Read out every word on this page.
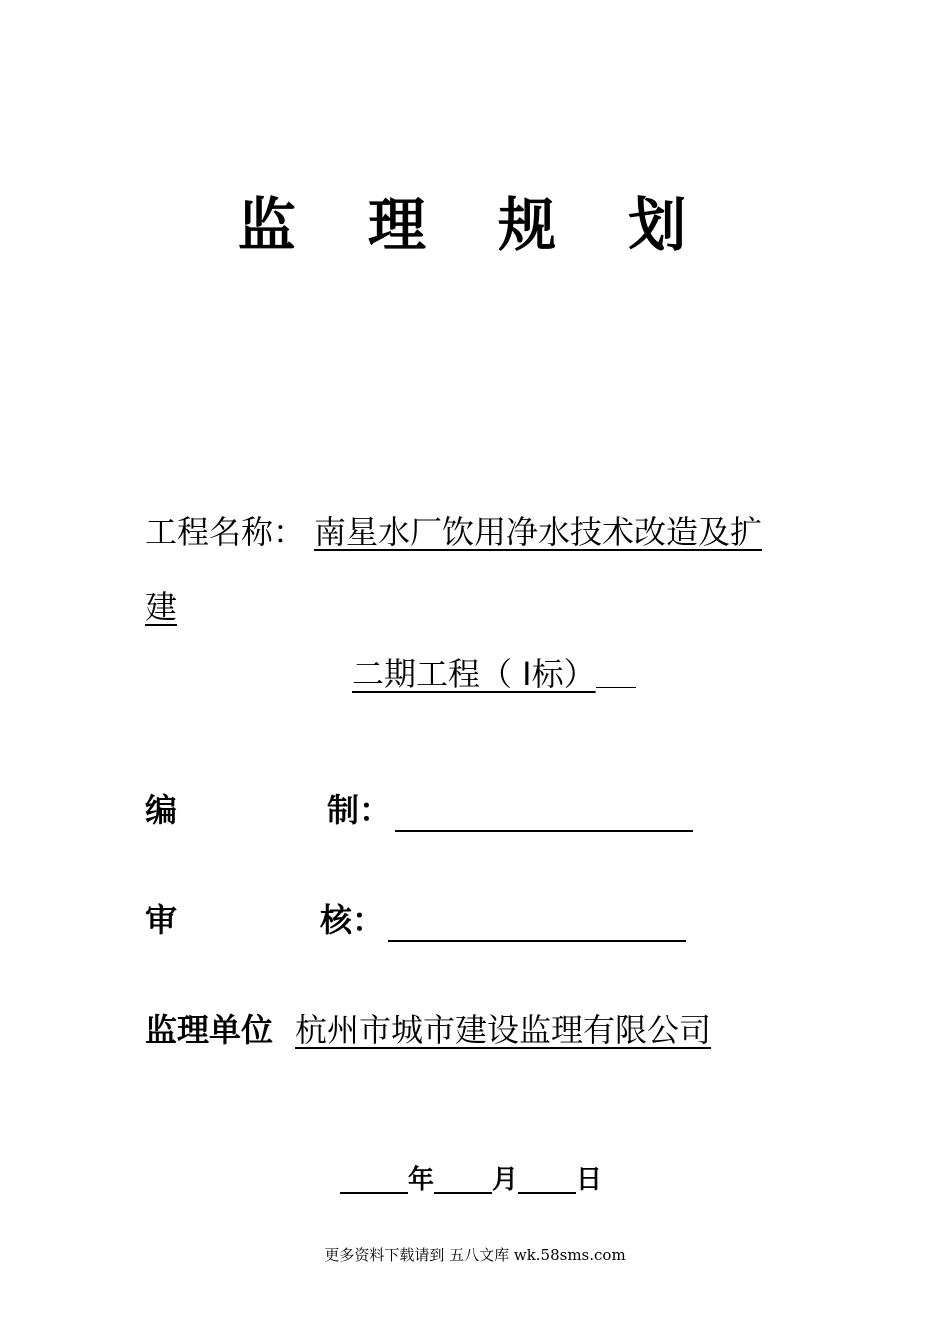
监 理 规 划
工程名称： 南星水厂饮用净水技术改造及扩
建
二期工程（ Ⅰ标）
编	制：
审	核：
监理单位 杭州市城市建设监理有限公司
年 月 日
更多资料下载请到 五八文库 wk.58sms.com
